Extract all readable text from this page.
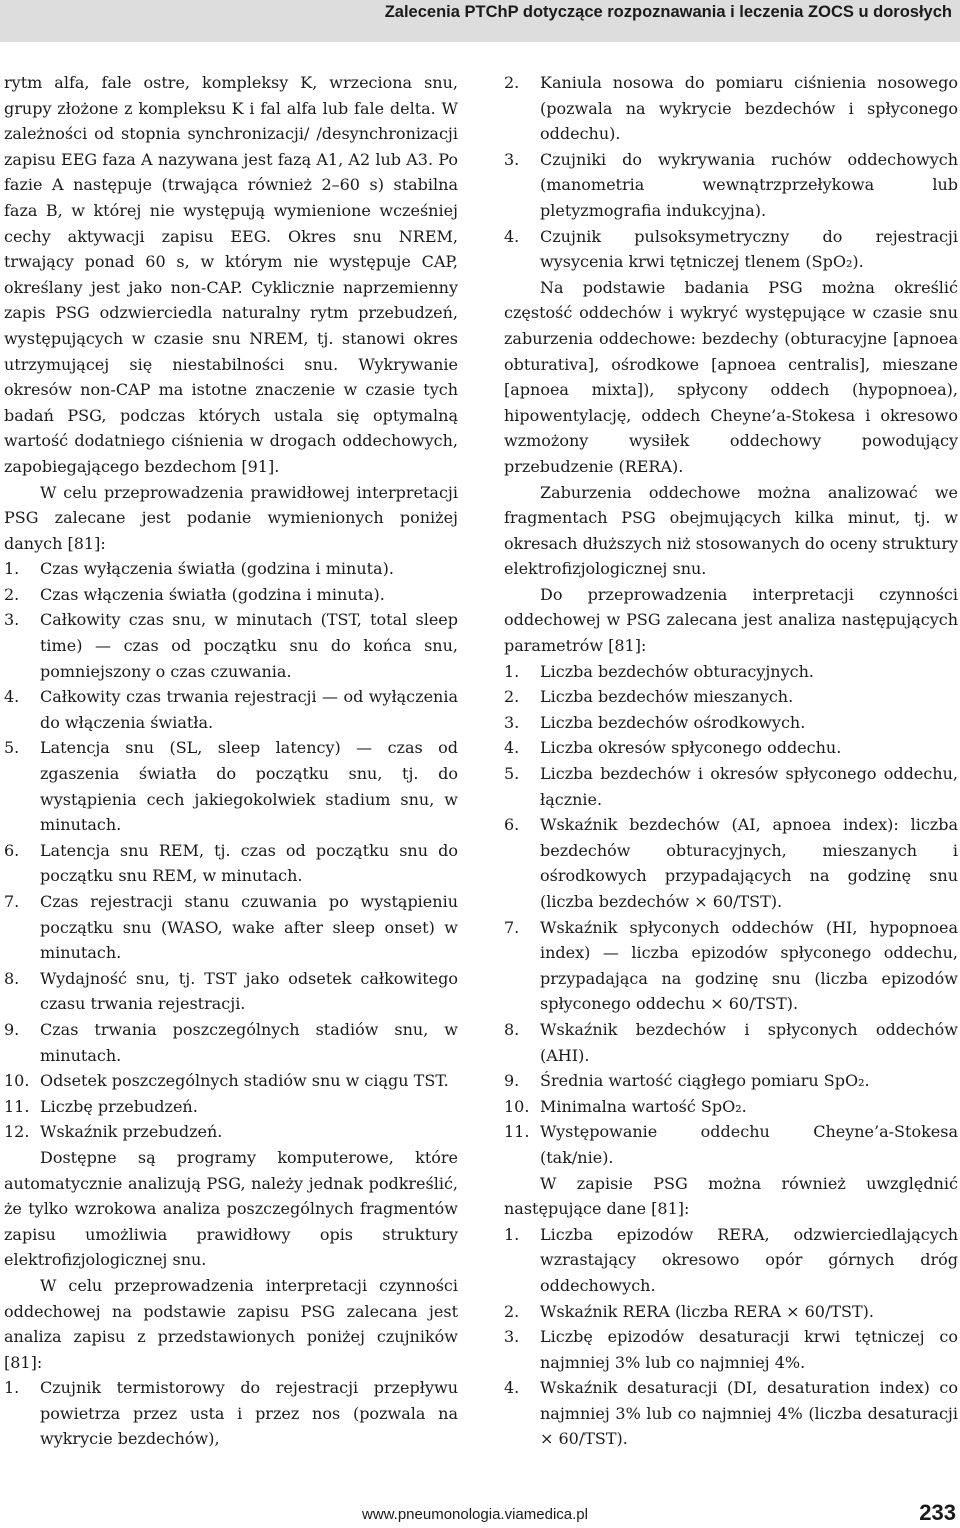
Zalecenia PTChP dotyczące rozpoznawania i leczenia ZOCS u dorosłych

rytm alfa, fale ostre, kompleksy K, wrzeciona snu, grupy złożone z kompleksu K i fal alfa lub fale delta. W zależności od stopnia synchronizacji/ /desynchronizacji zapisu EEG faza A nazywana jest fazą A1, A2 lub A3. Po fazie A następuje (trwająca również 2–60 s) stabilna faza B, w której nie występują wymienione wcześniej cechy aktywacji zapisu EEG. Okres snu NREM, trwający ponad 60 s, w którym nie występuje CAP, określany jest jako non-CAP. Cyklicznie naprzemienny zapis PSG odzwierciedla naturalny rytm przebudzeń, występujących w czasie snu NREM, tj. stanowi okres utrzymującej się niestabilności snu. Wykrywanie okresów non-CAP ma istotne znaczenie w czasie tych badań PSG, podczas których ustala się optymalną wartość dodatniego ciśnienia w drogach oddechowych, zapobiegającego bezdechom [91].

W celu przeprowadzenia prawidłowej interpretacji PSG zalecane jest podanie wymienionych poniżej danych [81]:

1. Czas wyłączenia światła (godzina i minuta).
2. Czas włączenia światła (godzina i minuta).
3. Całkowity czas snu, w minutach (TST, total sleep time) — czas od początku snu do końca snu, pomniejszony o czas czuwania.
4. Całkowity czas trwania rejestracji — od wyłączenia do włączenia światła.
5. Latencja snu (SL, sleep latency) — czas od zgaszenia światła do początku snu, tj. do wystąpienia cech jakiegokolwiek stadium snu, w minutach.
6. Latencja snu REM, tj. czas od początku snu do początku snu REM, w minutach.
7. Czas rejestracji stanu czuwania po wystąpieniu początku snu (WASO, wake after sleep onset) w minutach.
8. Wydajność snu, tj. TST jako odsetek całkowitego czasu trwania rejestracji.
9. Czas trwania poszczególnych stadiów snu, w minutach.
10. Odsetek poszczególnych stadiów snu w ciągu TST.
11. Liczbę przebudzeń.
12. Wskaźnik przebudzeń.

Dostępne są programy komputerowe, które automatycznie analizują PSG, należy jednak podkreślić, że tylko wzrokowa analiza poszczególnych fragmentów zapisu umożliwia prawidłowy opis struktury elektrofizjologicznej snu.

W celu przeprowadzenia interpretacji czynności oddechowej na podstawie zapisu PSG zalecana jest analiza zapisu z przedstawionych poniżej czujników [81]:

1. Czujnik termistorowy do rejestracji przepływu powietrza przez usta i przez nos (pozwala na wykrycie bezdechów),
2. Kaniula nosowa do pomiaru ciśnienia nosowego (pozwala na wykrycie bezdechów i spłyconego oddechu).
3. Czujniki do wykrywania ruchów oddechowych (manometria wewnątrzprzełykowa lub pletyzmografia indukcyjna).
4. Czujnik pulsoksymetryczny do rejestracji wysycenia krwi tętniczej tlenem (SpO₂).

Na podstawie badania PSG można określić częstość oddechów i wykryć występujące w czasie snu zaburzenia oddechowe: bezdechy (obturacyjne [apnoea obturativa], ośrodkowe [apnoea centralis], mieszane [apnoea mixta]), spłycony oddech (hypopnoea), hipowentylację, oddech Cheyne’a-Stokesa i okresowo wzmożony wysiłek oddechowy powodujący przebudzenie (RERA).

Zaburzenia oddechowe można analizować we fragmentach PSG obejmujących kilka minut, tj. w okresach dłuższych niż stosowanych do oceny struktury elektrofizjologicznej snu.

Do przeprowadzenia interpretacji czynności oddechowej w PSG zalecana jest analiza następujących parametrów [81]:

1. Liczba bezdechów obturacyjnych.
2. Liczba bezdechów mieszanych.
3. Liczba bezdechów ośrodkowych.
4. Liczba okresów spłyconego oddechu.
5. Liczba bezdechów i okresów spłyconego oddechu, łącznie.
6. Wskaźnik bezdechów (AI, apnoea index): liczba bezdechów obturacyjnych, mieszanych i ośrodkowych przypadających na godzinę snu (liczba bezdechów × 60/TST).
7. Wskaźnik spłyconych oddechów (HI, hypopnoea index) — liczba epizodów spłyconego oddechu, przypadająca na godzinę snu (liczba epizodów spłyconego oddechu × 60/TST).
8. Wskaźnik bezdechów i spłyconych oddechów (AHI).
9. Średnia wartość ciągłego pomiaru SpO₂.
10. Minimalna wartość SpO₂.
11. Występowanie oddechu Cheyne’a-Stokesa (tak/nie).

W zapisie PSG można również uwzględnić następujące dane [81]:

1. Liczba epizodów RERA, odzwierciedlających wzrastający okresowo opór górnych dróg oddechowych.
2. Wskaźnik RERA (liczba RERA × 60/TST).
3. Liczbę epizodów desaturacji krwi tętniczej co najmniej 3% lub co najmniej 4%.
4. Wskaźnik desaturacji (DI, desaturation index) co najmniej 3% lub co najmniej 4% (liczba desaturacji × 60/TST).
www.pneumonologia.viamedica.pl	233
